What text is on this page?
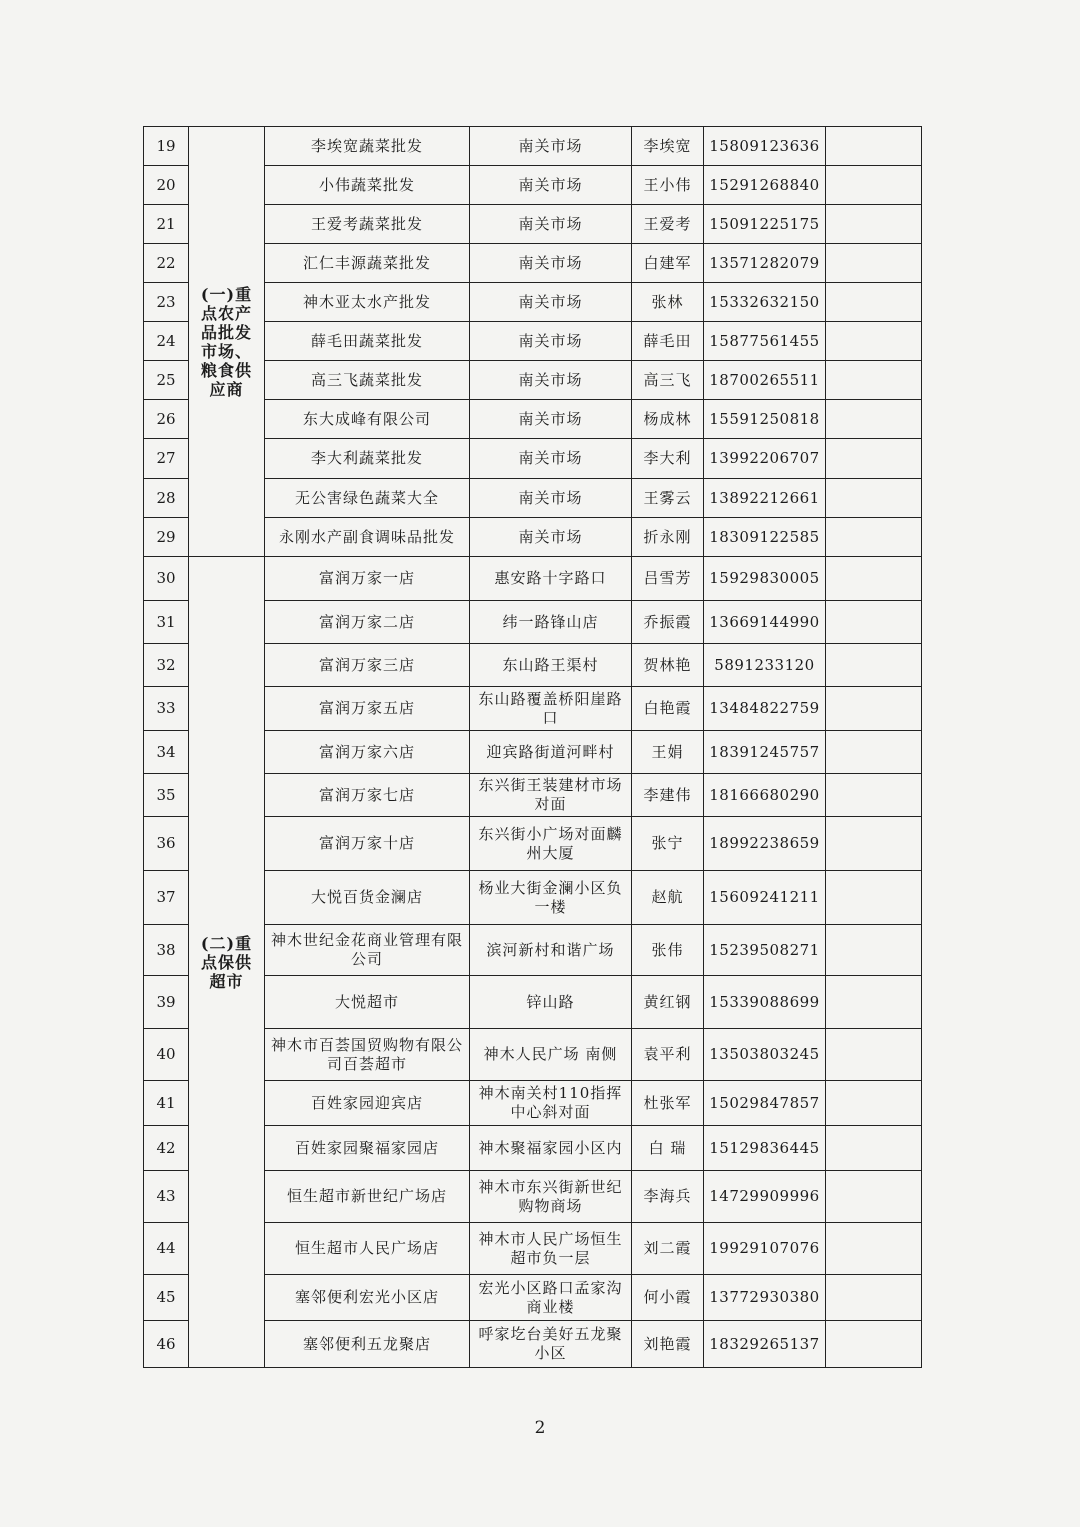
19	(一)重点农产品批发市场、粮食供应商	李埃宽蔬菜批发	南关市场	李埃宽	15809123636	
20		小伟蔬菜批发	南关市场	王小伟	15291268840	
21		王爱考蔬菜批发	南关市场	王爱考	15091225175	
22		汇仁丰源蔬菜批发	南关市场	白建军	13571282079	
23		神木亚太水产批发	南关市场	张林	15332632150	
24		薛毛田蔬菜批发	南关市场	薛毛田	15877561455	
25		高三飞蔬菜批发	南关市场	高三飞	18700265511	
26		东大成峰有限公司	南关市场	杨成林	15591250818	
27		李大利蔬菜批发	南关市场	李大利	13992206707	
28		无公害绿色蔬菜大全	南关市场	王雾云	13892212661	
29		永刚水产副食调味品批发	南关市场	折永刚	18309122585	
30	(二)重点保供超市	富润万家一店	惠安路十字路口	吕雪芳	15929830005	
31		富润万家二店	纬一路锋山店	乔振霞	13669144990	
32		富润万家三店	东山路王渠村	贺林艳	5891233120	
33		富润万家五店	东山路覆盖桥阳崖路口	白艳霞	13484822759	
34		富润万家六店	迎宾路街道河畔村	王娟	18391245757	
35		富润万家七店	东兴街王装建材市场对面	李建伟	18166680290	
36		富润万家十店	东兴街小广场对面麟州大厦	张宁	18992238659	
37		大悦百货金澜店	杨业大街金澜小区负一楼	赵航	15609241211	
38		神木世纪金花商业管理有限公司	滨河新村和谐广场	张伟	15239508271	
39		大悦超市	锌山路	黄红钢	15339088699	
40		神木市百荟国贸购物有限公司百荟超市	神木人民广场 南侧	袁平利	13503803245	
41		百姓家园迎宾店	神木南关村110指挥中心斜对面	杜张军	15029847857	
42		百姓家园聚福家园店	神木聚福家园小区内	白 瑞	15129836445	
43		恒生超市新世纪广场店	神木市东兴街新世纪购物商场	李海兵	14729909996	
44		恒生超市人民广场店	神木市人民广场恒生超市负一层	刘二霞	19929107076	
45		塞邻便利宏光小区店	宏光小区路口孟家沟商业楼	何小霞	13772930380	
46		塞邻便利五龙聚店	呼家圪台美好五龙聚小区	刘艳霞	18329265137	
2
